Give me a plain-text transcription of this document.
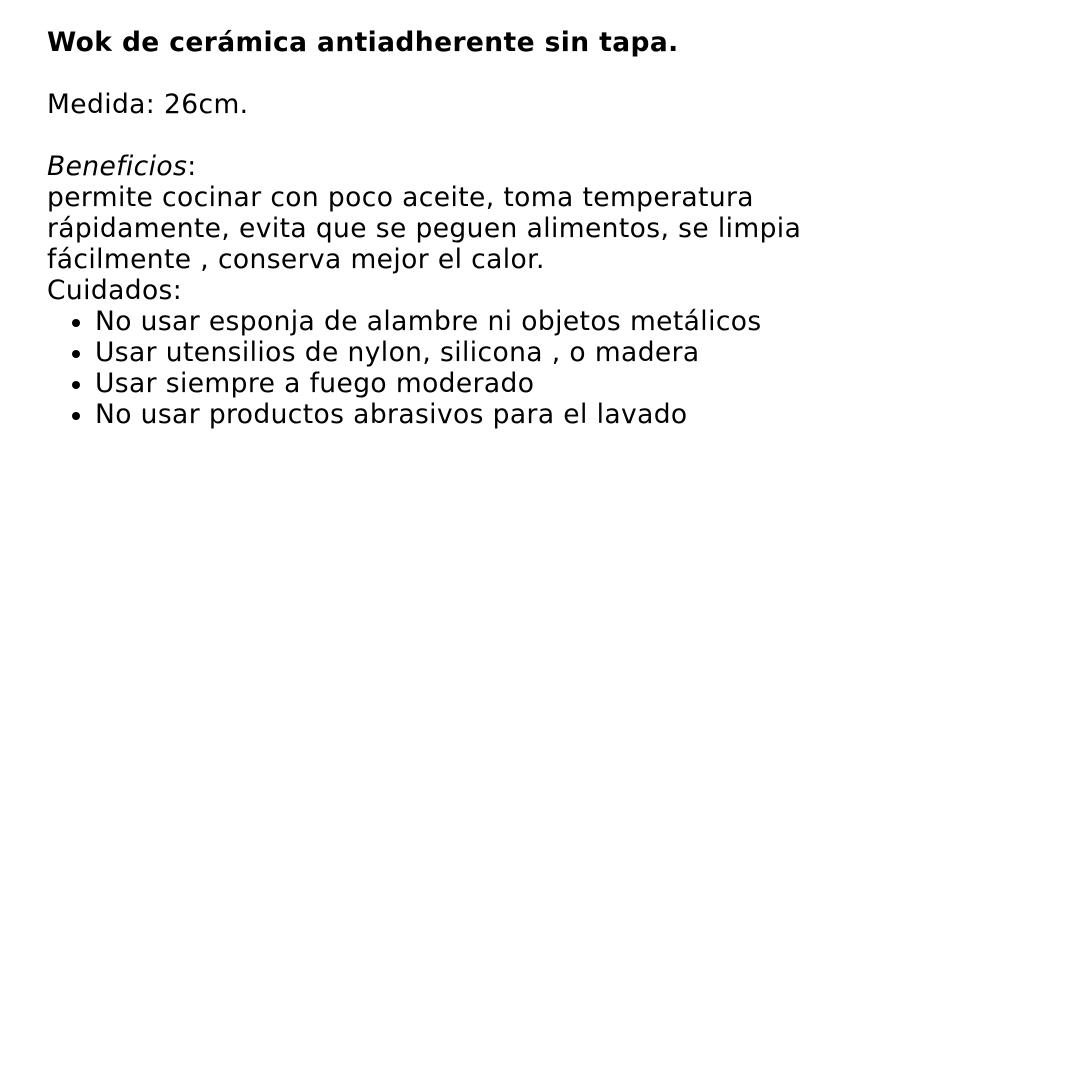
Wok de cerámica antiadherente sin tapa.

Medida: 26cm.

Beneficios:

permite cocinar con poco aceite, toma temperatura

rápidamente, evita que se peguen alimentos, se limpia

fácilmente , conserva mejor el calor.

Cuidados:

No usar esponja de alambre ni objetos metálicos
Usar utensilios de nylon, silicona , o madera
Usar siempre a fuego moderado
No usar productos abrasivos para el lavado
